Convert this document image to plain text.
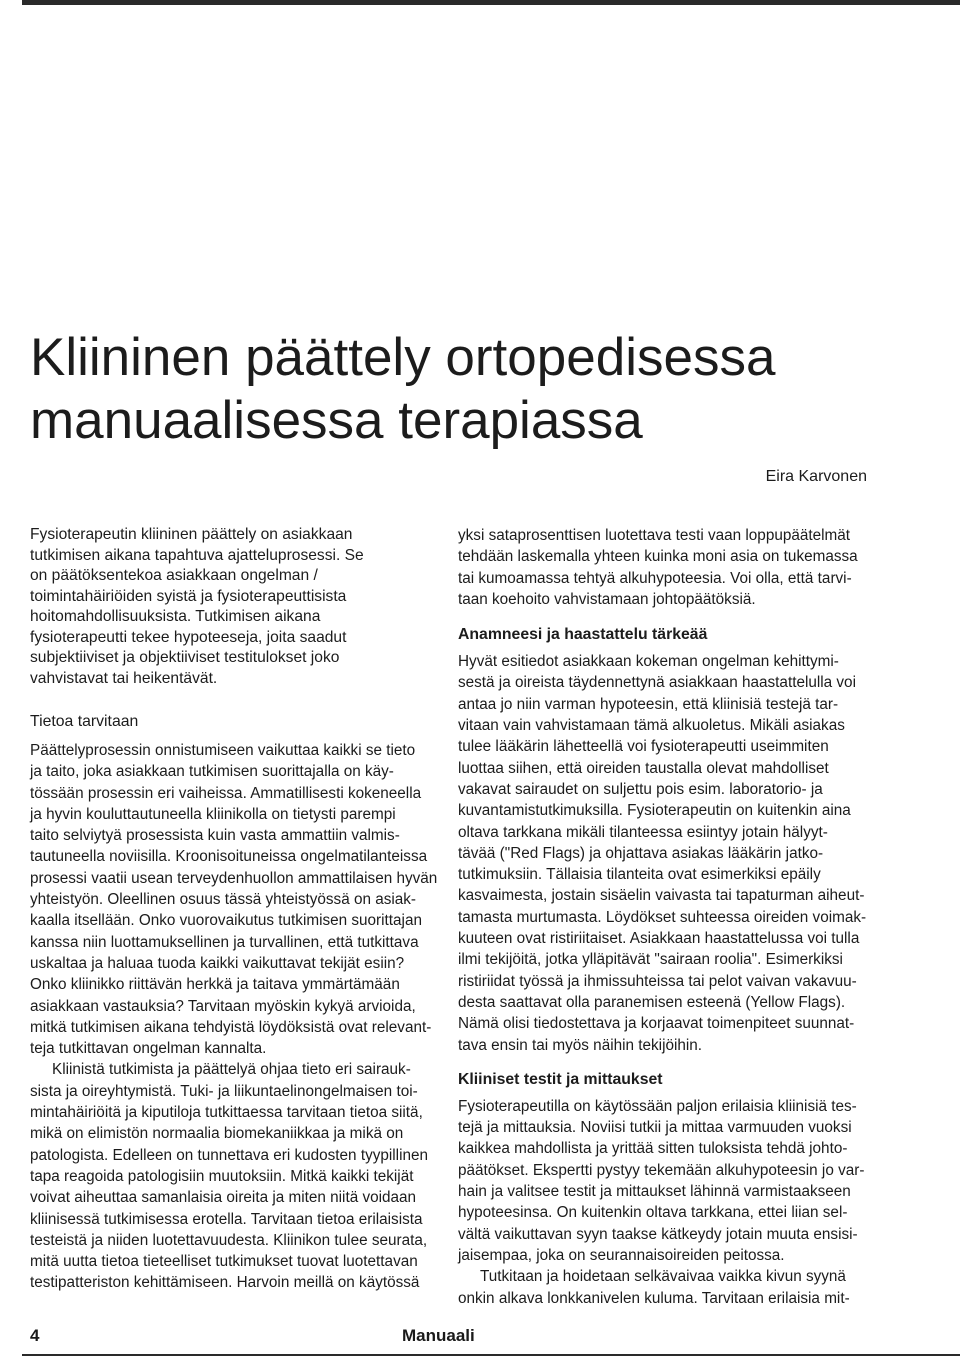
Kliininen päättely ortopedisessa
manuaalisessa terapiassa

Eira Karvonen

Fysioterapeutin kliininen päättely on asiakkaan
tutkimisen aikana tapahtuva ajatteluprosessi. Se
on päätöksentekoa asiakkaan ongelman /
toimintahäiriöiden syistä ja fysioterapeuttisista
hoitomahdollisuuksista. Tutkimisen aikana
fysioterapeutti tekee hypoteeseja, joita saadut
subjektiiviset ja objektiiviset testitulokset joko
vahvistavat tai heikentävät.

Tietoa tarvitaan

Päättelyprosessin onnistumiseen vaikuttaa kaikki se tieto
ja taito, joka asiakkaan tutkimisen suorittajalla on käy-
tössään prosessin eri vaiheissa. Ammatillisesti kokeneella
ja hyvin kouluttautuneella kliinikolla on tietysti parempi
taito selviytyä prosessista kuin vasta ammattiin valmis-
tautuneella noviisilla. Kroonisoituneissa ongelmatilanteissa
prosessi vaatii usean terveydenhuollon ammattilaisen hyvän
yhteistyön. Oleellinen osuus tässä yhteistyössä on asiak-
kaalla itsellään. Onko vuorovaikutus tutkimisen suorittajan
kanssa niin luottamuksellinen ja turvallinen, että tutkittava
uskaltaa ja haluaa tuoda kaikki vaikuttavat tekijät esiin?
Onko kliinikko riittävän herkkä ja taitava ymmärtämään
asiakkaan vastauksia? Tarvitaan myöskin kykyä arvioida,
mitkä tutkimisen aikana tehdyistä löydöksistä ovat relevant-
teja tutkittavan ongelman kannalta.

Kliinistä tutkimista ja päättelyä ohjaa tieto eri sairauk-
sista ja oireyhtymistä. Tuki- ja liikuntaelinongelmaisen toi-
mintahäiriöitä ja kiputiloja tutkittaessa tarvitaan tietoa siitä,
mikä on elimistön normaalia biomekaniikkaa ja mikä on
patologista. Edelleen on tunnettava eri kudosten tyypillinen
tapa reagoida patologisiin muutoksiin. Mitkä kaikki tekijät
voivat aiheuttaa samanlaisia oireita ja miten niitä voidaan
kliinisessä tutkimisessa erotella. Tarvitaan tietoa erilaisista
testeistä ja niiden luotettavuudesta. Kliinikon tulee seurata,
mitä uutta tietoa tieteelliset tutkimukset tuovat luotettavan
testipatteriston kehittämiseen. Harvoin meillä on käytössä

yksi sataprosenttisen luotettava testi vaan loppupäätelmät
tehdään laskemalla yhteen kuinka moni asia on tukemassa
tai kumoamassa tehtyä alkuhypoteesia. Voi olla, että tarvi-
taan koehoito vahvistamaan johtopäätöksiä.

Anamneesi ja haastattelu tärkeää

Hyvät esitiedot asiakkaan kokeman ongelman kehittymi-
sestä ja oireista täydennettynä asiakkaan haastattelulla voi
antaa jo niin varman hypoteesin, että kliinisiä testejä tar-
vitaan vain vahvistamaan tämä alkuoletus. Mikäli asiakas
tulee lääkärin lähetteellä voi fysioterapeutti useimmiten
luottaa siihen, että oireiden taustalla olevat mahdolliset
vakavat sairaudet on suljettu pois esim. laboratorio- ja
kuvantamistutkimuksilla. Fysioterapeutin on kuitenkin aina
oltava tarkkana mikäli tilanteessa esiintyy jotain hälyyt-
tävää ("Red Flags) ja ohjattava asiakas lääkärin jatko-
tutkimuksiin. Tällaisia tilanteita ovat esimerkiksi epäily
kasvaimesta, jostain sisäelin vaivasta tai tapaturman aiheut-
tamasta murtumasta. Löydökset suhteessa oireiden voimak-
kuuteen ovat ristiriitaiset. Asiakkaan haastattelussa voi tulla
ilmi tekijöitä, jotka ylläpitävät "sairaan roolia". Esimerkiksi
ristiriidat työssä ja ihmissuhteissa tai pelot vaivan vakavuu-
desta saattavat olla paranemisen esteenä (Yellow Flags).
Nämä olisi tiedostettava ja korjaavat toimenpiteet suunnat-
tava ensin tai myös näihin tekijöihin.

Kliiniset testit ja mittaukset

Fysioterapeutilla on käytössään paljon erilaisia kliinisiä tes-
tejä ja mittauksia. Noviisi tutkii ja mittaa varmuuden vuoksi
kaikkea mahdollista ja yrittää sitten tuloksista tehdä johto-
päätökset. Ekspertti pystyy tekemään alkuhypoteesin jo var-
hain ja valitsee testit ja mittaukset lähinnä varmistaakseen
hypoteesinsa. On kuitenkin oltava tarkkana, ettei liian sel-
vältä vaikuttavan syyn taakse kätkeydy jotain muuta ensisi-
jaisempaa, joka on seurannaisoireiden peitossa.

Tutkitaan ja hoidetaan selkävaivaa vaikka kivun syynä
onkin alkava lonkkanivelen kuluma. Tarvitaan erilaisia mit-

4	Manuaali
